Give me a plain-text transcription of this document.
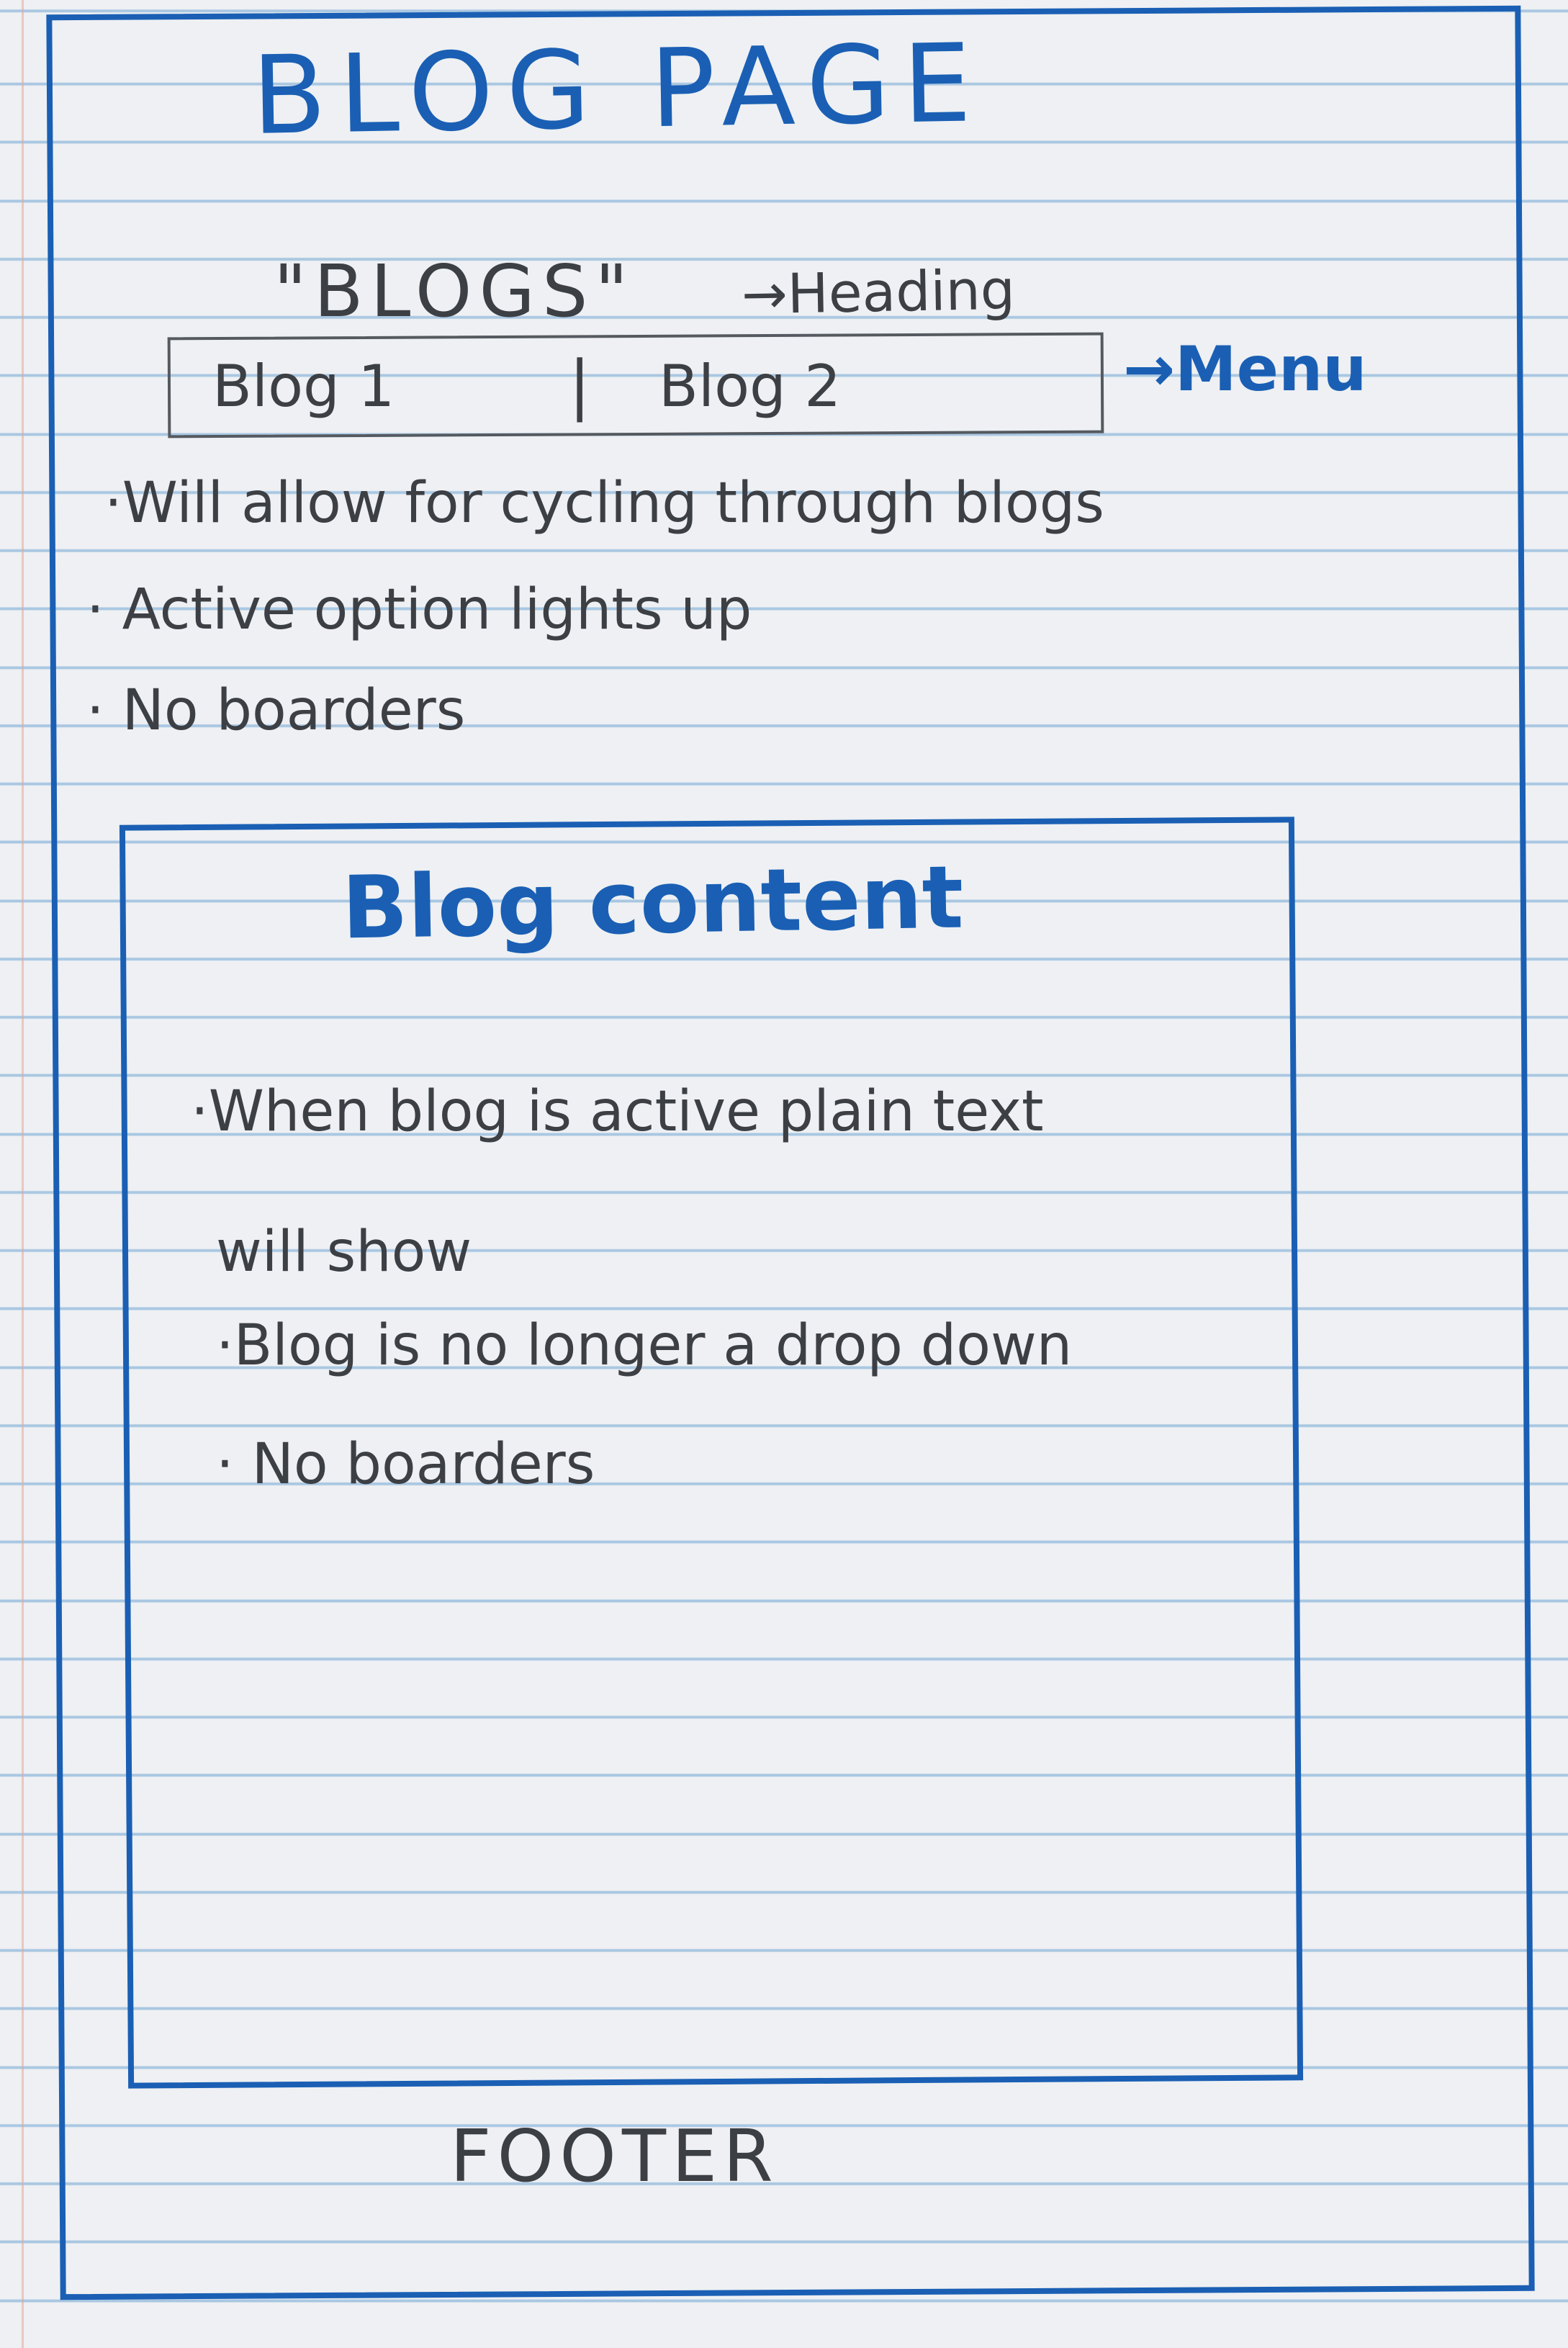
BLOG PAGE
"BLOGS" →Heading
Blog 1	| Blog 2	→Menu
·Will allow for cycling through blogs
· Active option lights up
· No boarders
Blog content
·When blog is active plain text
will show
·Blog is no longer a drop down
· No boarders
FOOTER
